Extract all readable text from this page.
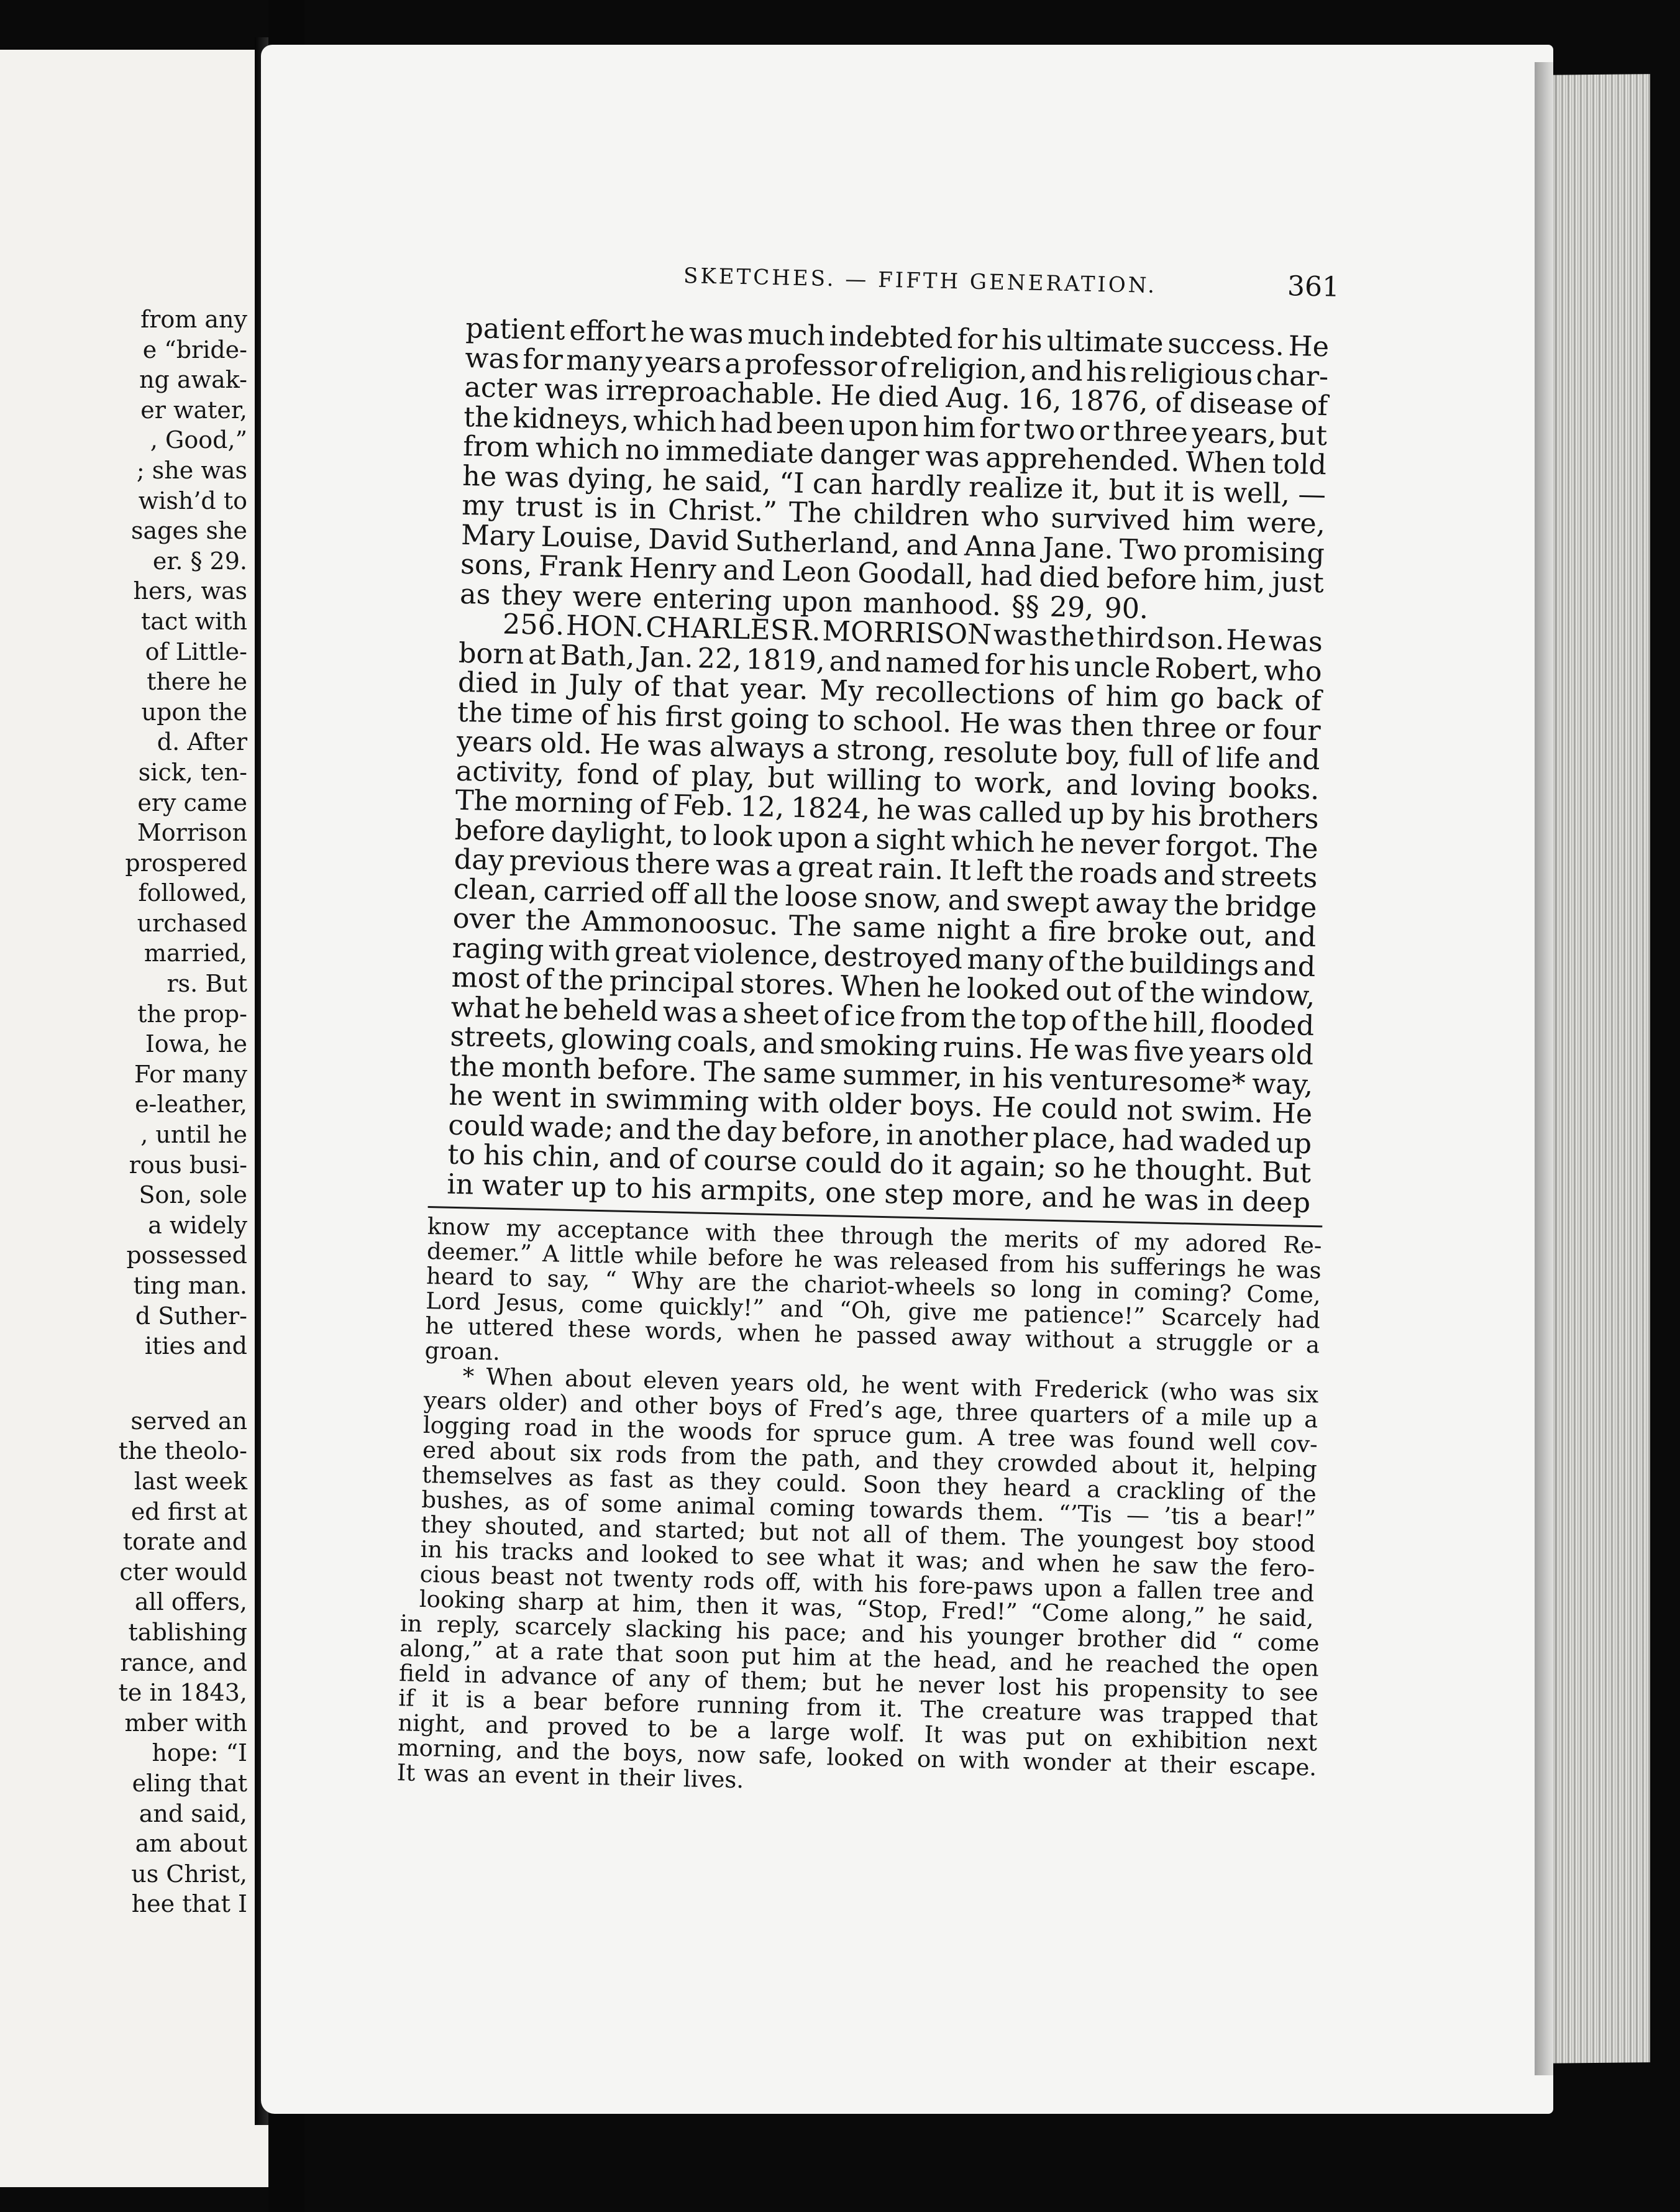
from any
e “bride-
ng awak-
er water,
, Good,”
; she was
wish’d to
sages she
er. § 29.
hers, was
tact with
of Little-
there he
upon the
d. After
sick, ten-
ery came
Morrison
prospered
followed,
urchased
married,
rs. But
the prop-
Iowa, he
For many
e-leather,
, until he
rous busi-
Son, sole
a widely
possessed
ting man.
d Suther-
ities and
served an
the theolo-
last week
ed first at
torate and
cter would
all offers,
tablishing
rance, and
te in 1843,
mber with
hope: “I
eling that
and said,
am about
us Christ,
hee that I
SKETCHES. — FIFTH GENERATION.	361
patient effort he was much indebted for his ultimate success. He
was for many years a professor of religion, and his religious char-
acter was irreproachable. He died Aug. 16, 1876, of disease of
the kidneys, which had been upon him for two or three years, but
from which no immediate danger was apprehended. When told
he was dying, he said, “I can hardly realize it, but it is well, —
my trust is in Christ.” The children who survived him were,
Mary Louise, David Sutherland, and Anna Jane. Two promising
sons, Frank Henry and Leon Goodall, had died before him, just
as they were entering upon manhood. §§ 29, 90.
256. HON. CHARLES R. MORRISON was the third son. He was
born at Bath, Jan. 22, 1819, and named for his uncle Robert, who
died in July of that year. My recollections of him go back of
the time of his first going to school. He was then three or four
years old. He was always a strong, resolute boy, full of life and
activity, fond of play, but willing to work, and loving books.
The morning of Feb. 12, 1824, he was called up by his brothers
before daylight, to look upon a sight which he never forgot. The
day previous there was a great rain. It left the roads and streets
clean, carried off all the loose snow, and swept away the bridge
over the Ammonoosuc. The same night a fire broke out, and
raging with great violence, destroyed many of the buildings and
most of the principal stores. When he looked out of the window,
what he beheld was a sheet of ice from the top of the hill, flooded
streets, glowing coals, and smoking ruins. He was five years old
the month before. The same summer, in his venturesome* way,
he went in swimming with older boys. He could not swim. He
could wade; and the day before, in another place, had waded up
to his chin, and of course could do it again; so he thought. But
in water up to his armpits, one step more, and he was in deep
know my acceptance with thee through the merits of my adored Re-
deemer.” A little while before he was released from his sufferings he was
heard to say, “ Why are the chariot-wheels so long in coming? Come,
Lord Jesus, come quickly!” and “Oh, give me patience!” Scarcely had
he uttered these words, when he passed away without a struggle or a
groan.
* When about eleven years old, he went with Frederick (who was six
years older) and other boys of Fred’s age, three quarters of a mile up a
logging road in the woods for spruce gum. A tree was found well cov-
ered about six rods from the path, and they crowded about it, helping
themselves as fast as they could. Soon they heard a crackling of the
bushes, as of some animal coming towards them. “’Tis — ’tis a bear!”
they shouted, and started; but not all of them. The youngest boy stood
in his tracks and looked to see what it was; and when he saw the fero-
cious beast not twenty rods off, with his fore-paws upon a fallen tree and
looking sharp at him, then it was, “Stop, Fred!” “Come along,” he said,
in reply, scarcely slacking his pace; and his younger brother did “ come
along,” at a rate that soon put him at the head, and he reached the open
field in advance of any of them; but he never lost his propensity to see
if it is a bear before running from it. The creature was trapped that
night, and proved to be a large wolf. It was put on exhibition next
morning, and the boys, now safe, looked on with wonder at their escape.
It was an event in their lives.
